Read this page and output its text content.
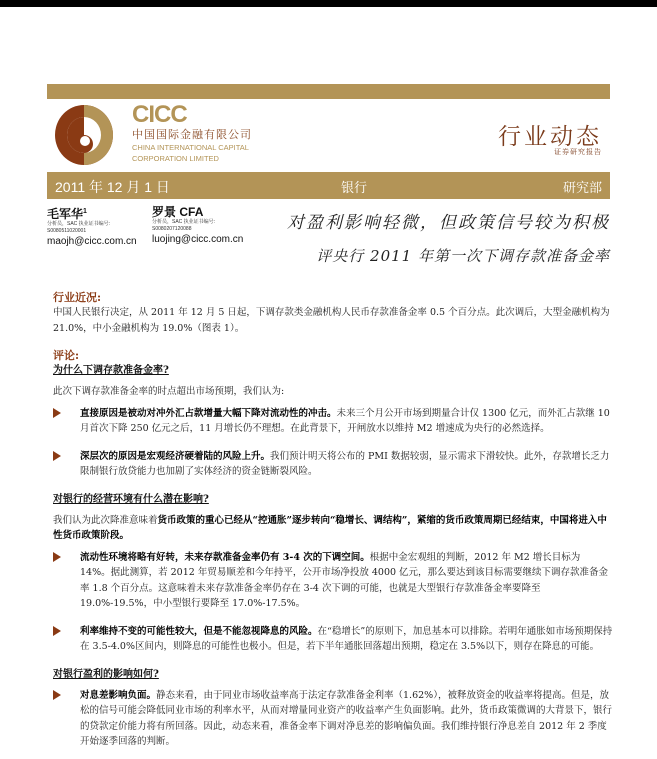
CICC
中国国际金融有限公司
CHINA INTERNATIONAL CAPITAL
CORPORATION LIMITED
行业动态
证券研究报告
2011 年 12 月 1 日	银行	研究部
毛军华$^1$
分析员，SAC 执业证书编号:
S0080511020001
maojh@cicc.com.cn
罗景 CFA
分析员，SAC 执业证书编号:
S0080207120088
luojing@cicc.com.cn
对盈利影响轻微，但政策信号较为积极
评央行 2011 年第一次下调存款准备金率
行业近况:

中国人民银行决定，从 2011 年 12 月 5 日起，下调存款类金融机构人民币存款准备金率 0.5 个百分点。此次调后，大型金融机构为 21.0%，中小金融机构为 19.0%（图表 1）。

评论:
为什么下调存款准备金率?

此次下调存款准备金率的时点超出市场预期，我们认为:

直接原因是被动对冲外汇占款增量大幅下降对流动性的冲击。未来三个月公开市场到期量合计仅 1300 亿元，而外汇占款继 10 月首次下降 250 亿元之后，11 月增长仍不理想。在此背景下，开闸放水以维持 M2 增速成为央行的必然选择。
深层次的原因是宏观经济硬着陆的风险上升。我们预计明天将公布的 PMI 数据较弱，显示需求下滑较快。此外，存款增长乏力限制银行放贷能力也加剧了实体经济的资金链断裂风险。
对银行的经营环境有什么潜在影响?

我们认为此次降准意味着货币政策的重心已经从“控通胀”逐步转向“稳增长、调结构”，紧缩的货币政策周期已经结束，中国将进入中性货币政策阶段。

流动性环境将略有好转，未来存款准备金率仍有 3-4 次的下调空间。根据中金宏观组的判断，2012 年 M2 增长目标为 14%。据此测算，若 2012 年贸易顺差和今年持平，公开市场净投放 4000 亿元，那么要达到该目标需要继续下调存款准备金率 1.8 个百分点。这意味着未来存款准备金率仍存在 3-4 次下调的可能，也就是大型银行存款准备金率要降至 19.0%-19.5%，中小型银行要降至 17.0%-17.5%。
利率维持不变的可能性较大，但是不能忽视降息的风险。在“稳增长”的原则下，加息基本可以排除。若明年通胀如市场预期保持在 3.5-4.0%区间内，则降息的可能性也极小。但是，若下半年通胀回落超出预期，稳定在 3.5%以下，则存在降息的可能。
对银行盈利的影响如何?
对息差影响负面。静态来看，由于同业市场收益率高于法定存款准备金利率（1.62%），被释放资金的收益率将提高。但是，放松的信号可能会降低同业市场的利率水平，从而对增量同业资产的收益率产生负面影响。此外，货币政策微调的大背景下，银行的贷款定价能力将有所回落。因此，动态来看，准备金率下调对净息差的影响偏负面。我们维持银行净息差自 2012 年 2 季度开始逐季回落的判断。
